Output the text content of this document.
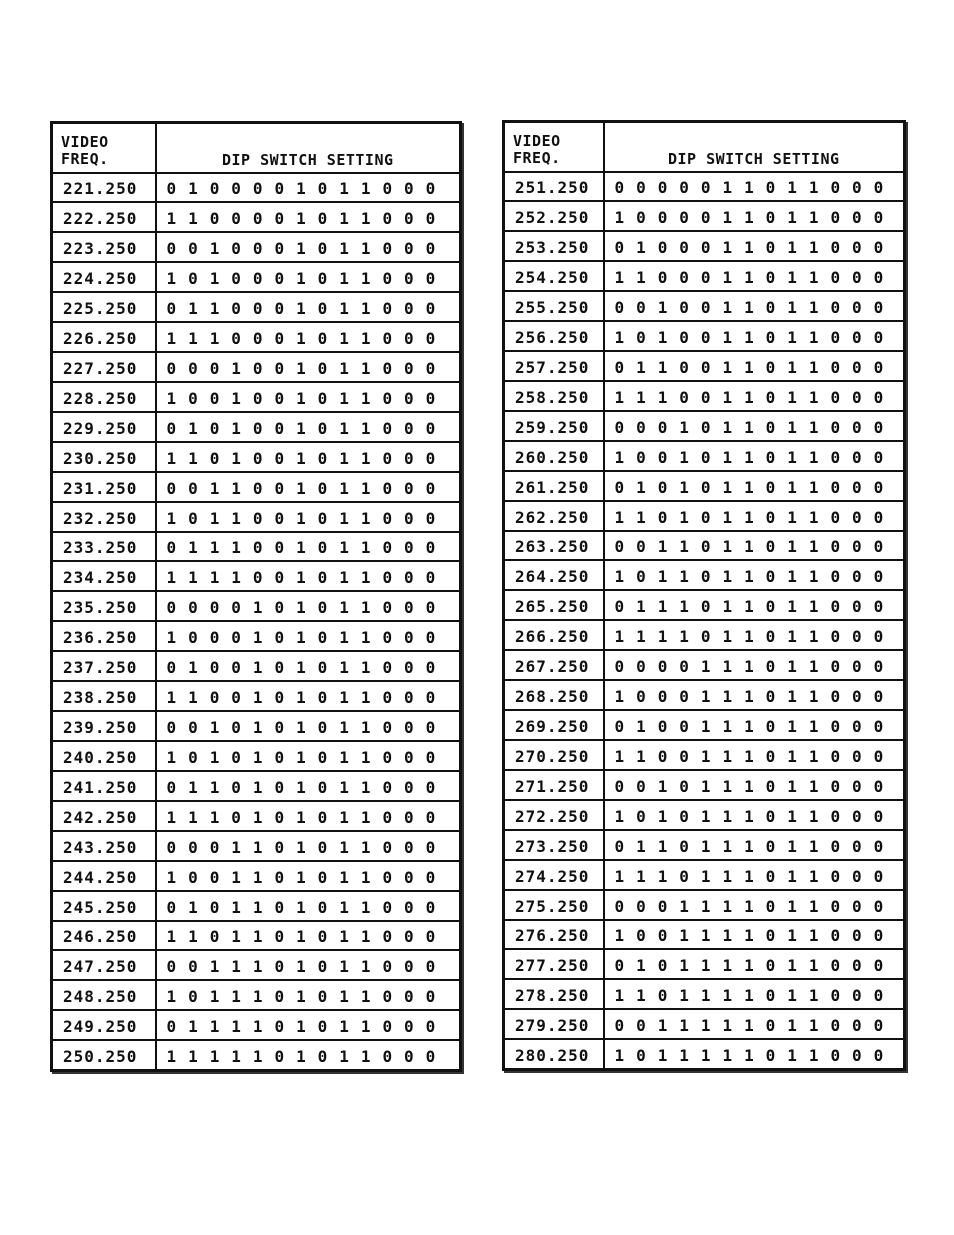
VIDEO
FREQ.	DIP SWITCH SETTING
221.250	0 1 0 0 0 0 1 0 1 1 0 0 0
222.250	1 1 0 0 0 0 1 0 1 1 0 0 0
223.250	0 0 1 0 0 0 1 0 1 1 0 0 0
224.250	1 0 1 0 0 0 1 0 1 1 0 0 0
225.250	0 1 1 0 0 0 1 0 1 1 0 0 0
226.250	1 1 1 0 0 0 1 0 1 1 0 0 0
227.250	0 0 0 1 0 0 1 0 1 1 0 0 0
228.250	1 0 0 1 0 0 1 0 1 1 0 0 0
229.250	0 1 0 1 0 0 1 0 1 1 0 0 0
230.250	1 1 0 1 0 0 1 0 1 1 0 0 0
231.250	0 0 1 1 0 0 1 0 1 1 0 0 0
232.250	1 0 1 1 0 0 1 0 1 1 0 0 0
233.250	0 1 1 1 0 0 1 0 1 1 0 0 0
234.250	1 1 1 1 0 0 1 0 1 1 0 0 0
235.250	0 0 0 0 1 0 1 0 1 1 0 0 0
236.250	1 0 0 0 1 0 1 0 1 1 0 0 0
237.250	0 1 0 0 1 0 1 0 1 1 0 0 0
238.250	1 1 0 0 1 0 1 0 1 1 0 0 0
239.250	0 0 1 0 1 0 1 0 1 1 0 0 0
240.250	1 0 1 0 1 0 1 0 1 1 0 0 0
241.250	0 1 1 0 1 0 1 0 1 1 0 0 0
242.250	1 1 1 0 1 0 1 0 1 1 0 0 0
243.250	0 0 0 1 1 0 1 0 1 1 0 0 0
244.250	1 0 0 1 1 0 1 0 1 1 0 0 0
245.250	0 1 0 1 1 0 1 0 1 1 0 0 0
246.250	1 1 0 1 1 0 1 0 1 1 0 0 0
247.250	0 0 1 1 1 0 1 0 1 1 0 0 0
248.250	1 0 1 1 1 0 1 0 1 1 0 0 0
249.250	0 1 1 1 1 0 1 0 1 1 0 0 0
250.250	1 1 1 1 1 0 1 0 1 1 0 0 0
VIDEO
FREQ.	DIP SWITCH SETTING
251.250	0 0 0 0 0 1 1 0 1 1 0 0 0
252.250	1 0 0 0 0 1 1 0 1 1 0 0 0
253.250	0 1 0 0 0 1 1 0 1 1 0 0 0
254.250	1 1 0 0 0 1 1 0 1 1 0 0 0
255.250	0 0 1 0 0 1 1 0 1 1 0 0 0
256.250	1 0 1 0 0 1 1 0 1 1 0 0 0
257.250	0 1 1 0 0 1 1 0 1 1 0 0 0
258.250	1 1 1 0 0 1 1 0 1 1 0 0 0
259.250	0 0 0 1 0 1 1 0 1 1 0 0 0
260.250	1 0 0 1 0 1 1 0 1 1 0 0 0
261.250	0 1 0 1 0 1 1 0 1 1 0 0 0
262.250	1 1 0 1 0 1 1 0 1 1 0 0 0
263.250	0 0 1 1 0 1 1 0 1 1 0 0 0
264.250	1 0 1 1 0 1 1 0 1 1 0 0 0
265.250	0 1 1 1 0 1 1 0 1 1 0 0 0
266.250	1 1 1 1 0 1 1 0 1 1 0 0 0
267.250	0 0 0 0 1 1 1 0 1 1 0 0 0
268.250	1 0 0 0 1 1 1 0 1 1 0 0 0
269.250	0 1 0 0 1 1 1 0 1 1 0 0 0
270.250	1 1 0 0 1 1 1 0 1 1 0 0 0
271.250	0 0 1 0 1 1 1 0 1 1 0 0 0
272.250	1 0 1 0 1 1 1 0 1 1 0 0 0
273.250	0 1 1 0 1 1 1 0 1 1 0 0 0
274.250	1 1 1 0 1 1 1 0 1 1 0 0 0
275.250	0 0 0 1 1 1 1 0 1 1 0 0 0
276.250	1 0 0 1 1 1 1 0 1 1 0 0 0
277.250	0 1 0 1 1 1 1 0 1 1 0 0 0
278.250	1 1 0 1 1 1 1 0 1 1 0 0 0
279.250	0 0 1 1 1 1 1 0 1 1 0 0 0
280.250	1 0 1 1 1 1 1 0 1 1 0 0 0
